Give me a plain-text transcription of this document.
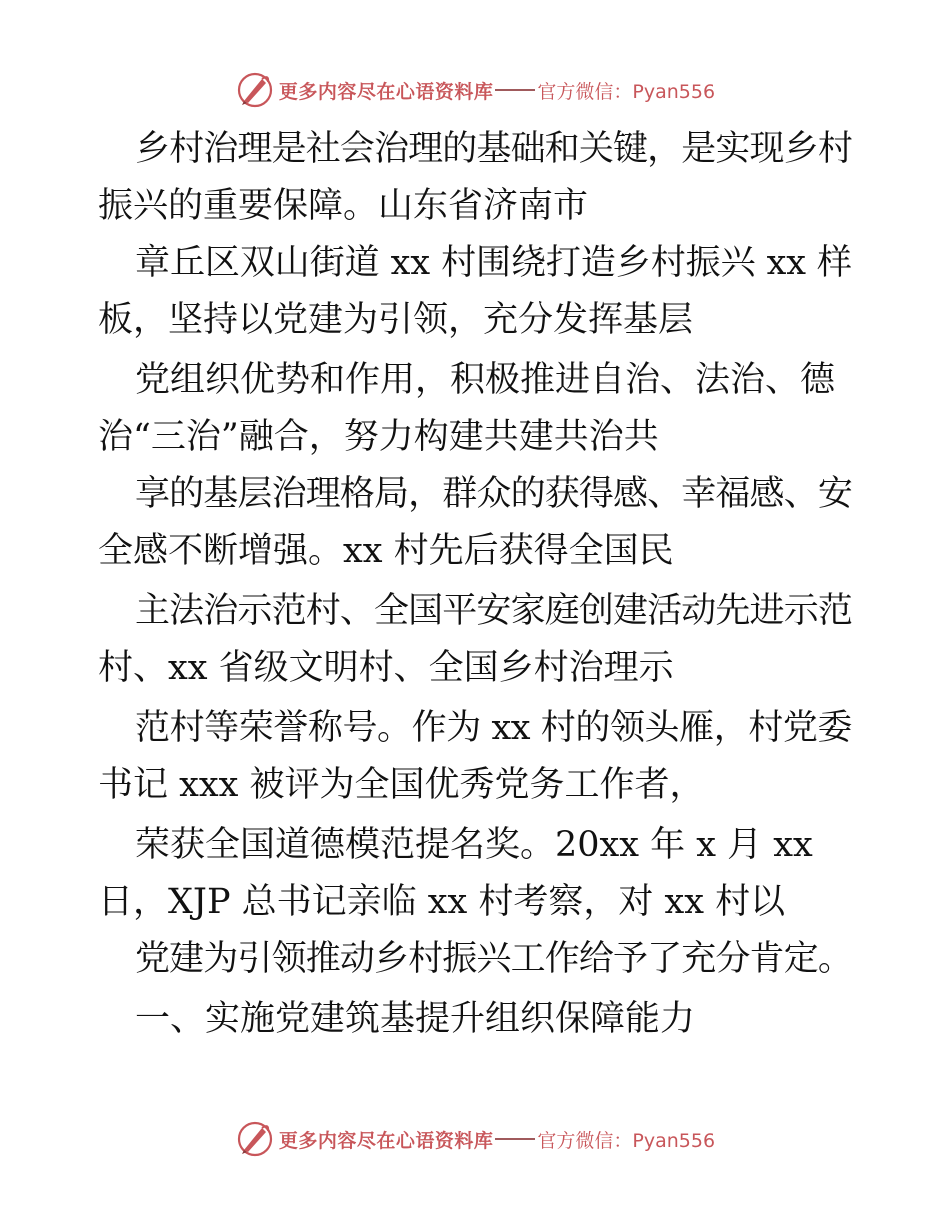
更多内容尽在心语资料库 官方微信：Pyan556
乡村治理是社会治理的基础和关键，是实现乡村
振兴的重要保障。山东省济南市
章丘区双山街道 xx 村围绕打造乡村振兴 xx 样
板，坚持以党建为引领，充分发挥基层
党组织优势和作用，积极推进自治、法治、德
治“三治”融合，努力构建共建共治共
享的基层治理格局，群众的获得感、幸福感、安
全感不断增强。xx 村先后获得全国民
主法治示范村、全国平安家庭创建活动先进示范
村、xx 省级文明村、全国乡村治理示
范村等荣誉称号。作为 xx 村的领头雁，村党委
书记 xxx 被评为全国优秀党务工作者，
荣获全国道德模范提名奖。20xx 年 x 月 xx
日，XJP 总书记亲临 xx 村考察，对 xx 村以
党建为引领推动乡村振兴工作给予了充分肯定。
一、实施党建筑基提升组织保障能力
更多内容尽在心语资料库 官方微信：Pyan556
